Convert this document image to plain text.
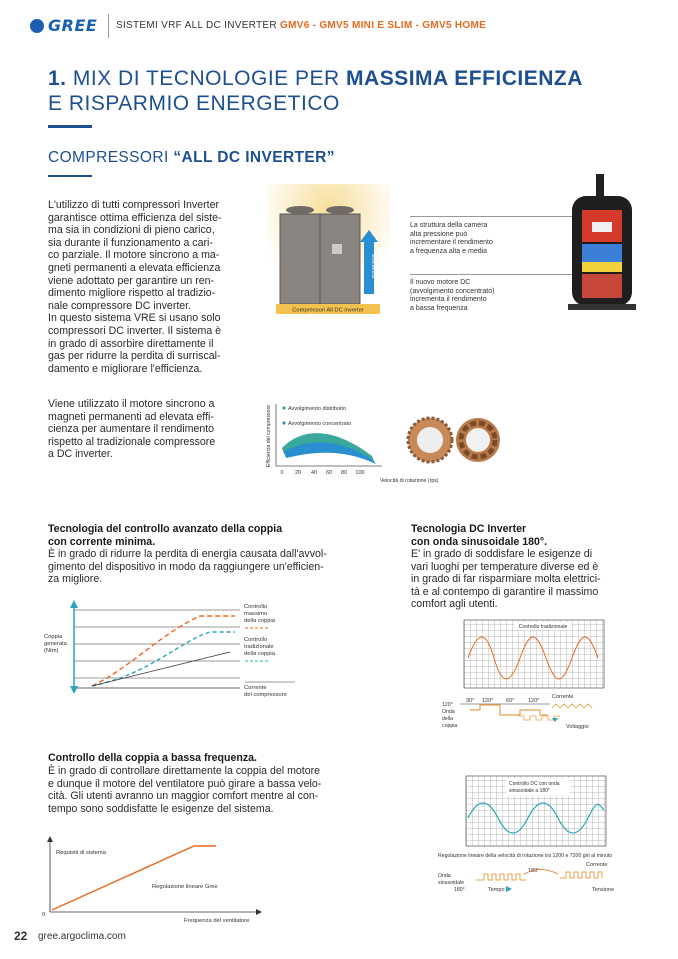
GREE SISTEMI VRF ALL DC INVERTER GMV6 - GMV5 MINI E SLIM - GMV5 HOME
1. MIX DI TECNOLOGIE PER MASSIMA EFFICIENZA
E RISPARMIO ENERGETICO
COMPRESSORI “ALL DC INVERTER”
L'utilizzo di tutti compressori Inverter
garantisce ottima efficienza del siste-
ma sia in condizioni di pieno carico,
sia durante il funzionamento a cari-
co parziale. Il motore sincrono a ma-
gneti permanenti a elevata efficienza
viene adottato per garantire un ren-
dimento migliore rispetto al tradizio-
nale compressore DC inverter.
In questo sistema VRE si usano solo
compressori DC inverter. Il sistema è
in grado di assorbire direttamente il
gas per ridurre la perdita di surriscal-
damento e migliorare l'efficienza.
Efficienza
Compressori All DC inverter
La struttura della camera
alta pressione può
incrementare il rendimento
a frequenza alta e media
Il nuovo motore DC
(avvolgimento concentrato)
incrementa il rendimento
a bassa frequenza
Viene utilizzato il motore sincrono a
magneti permanenti ad elevata effi-
cienza per aumentare il rendimento
rispetto al tradizionale compressore
a DC inverter.
Avvolgimento distribuito
Avvolgimento concentrato
Efficienza del compressore
0 20 40 60 80 100
Velocità di rotazione (rps)
Tecnologia del controllo avanzato della coppia
con corrente minima.
È in grado di ridurre la perdita di energia causata dall'avvol-
gimento del dispositivo in modo da raggiungere un'efficien-
za migliore.
Coppia
generata
(Ntm)
Controllo
massimo
della coppia
Controllo
tradizionale
della coppia
Corrente
del compressore
Tecnologia DC Inverter
con onda sinusoidale 180°.
E' in grado di soddisfare le esigenze di
vari luoghi per temperature diverse ed è
in grado di far risparmiare molta elettrici-
tà e al contempo di garantire il massimo
comfort agli utenti.
Controllo tradizionale
30° 120° 60° 120°
Corrente
120°
Onda
della
coppia	Voltaggio
Controllo della coppia a bassa frequenza.
È in grado di controllare direttamente la coppia del motore
e dunque il motore del ventilatore può girare a bassa velo-
cità. Gli utenti avranno un maggior comfort mentre al con-
tempo sono soddisfatte le esigenze del sistema.
Requisiti di sistema
Regolazione lineare Gree
0
Frequenza del ventilatore
Controllo DC con onda
sinusoidale a 180°
Regolazione lineare della velocità di rotazione tra 1200 e 7200 giri al minuto
180°
Corrente
Onda
sinusoidale
180°	Tempo	Tensione
22 gree.argoclima.com
